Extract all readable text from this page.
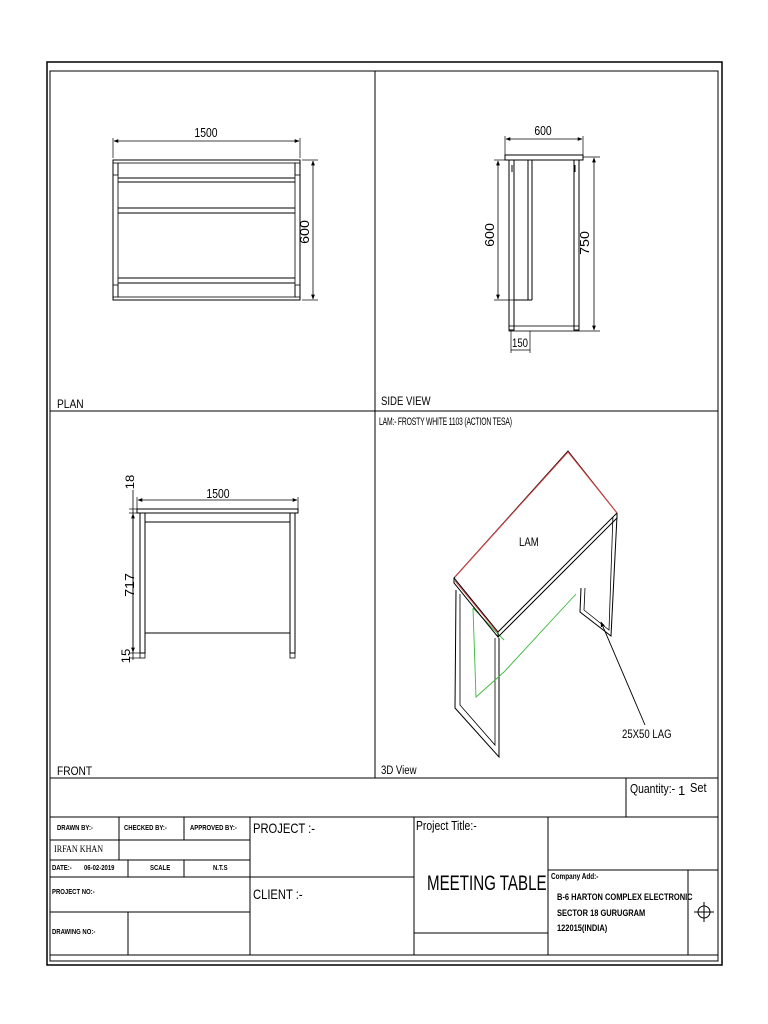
1500
600
PLAN
600
600	750
150
SIDE VIEW
1500
18
717
15
FRONT
LAM:- FROSTY WHITE 1103 (ACTION TESA)
LAM
25X50 LAG
3D View
Quantity:- 1 Set
DRAWN BY:-	CHECKED BY:-	APPROVED BY:-
IRFAN KHAN
DATE:- 06-02-2019	SCALE	N.T.S
PROJECT NO:-
DRAWING NO:-
PROJECT :-
CLIENT :-
Project Title:-
MEETING TABLE Company Add:-
B-6 HARTON COMPLEX ELECTRONIC
SECTOR 18 GURUGRAM
122015(INDIA)
